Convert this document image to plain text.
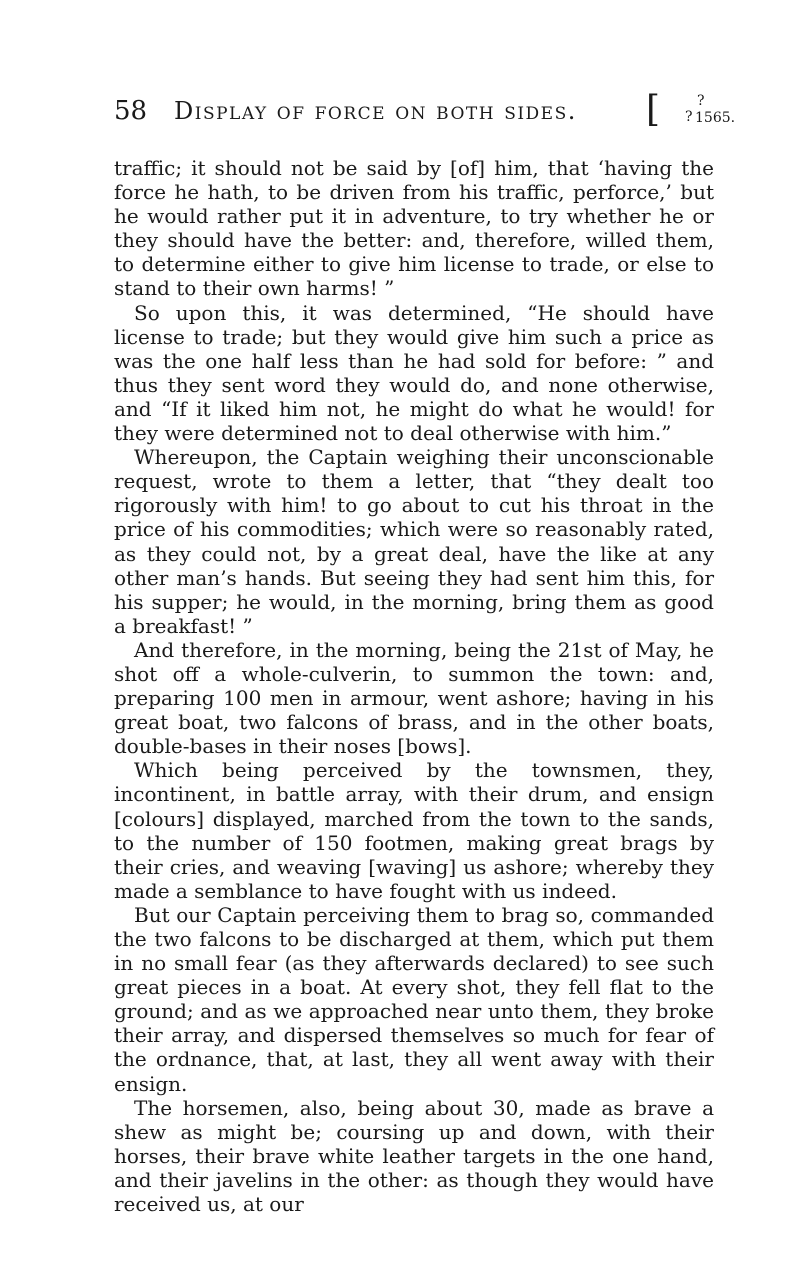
58 Display of force on both sides. [ ?
?
1565.

traffic; it should not be said by [of] him, that ‘having the force he hath, to be driven from his traffic, perforce,’ but he would rather put it in adventure, to try whether he or they should have the better: and, therefore, willed them, to determine either to give him license to trade, or else to stand to their own harms! ”

So upon this, it was determined, “He should have license to trade; but they would give him such a price as was the one half less than he had sold for before: ” and thus they sent word they would do, and none otherwise, and “If it liked him not, he might do what he would! for they were determined not to deal otherwise with him.”

Whereupon, the Captain weighing their unconscionable request, wrote to them a letter, that “they dealt too rigorously with him! to go about to cut his throat in the price of his commodities; which were so reasonably rated, as they could not, by a great deal, have the like at any other man’s hands. But seeing they had sent him this, for his supper; he would, in the morning, bring them as good a breakfast! ”

And therefore, in the morning, being the 21st of May, he shot off a whole-culverin, to summon the town: and, preparing 100 men in armour, went ashore; having in his great boat, two falcons of brass, and in the other boats, double-bases in their noses [bows].

Which being perceived by the townsmen, they, incontinent, in battle array, with their drum, and ensign [colours] displayed, marched from the town to the sands, to the number of 150 footmen, making great brags by their cries, and weaving [waving] us ashore; whereby they made a semblance to have fought with us indeed.

But our Captain perceiving them to brag so, commanded the two falcons to be discharged at them, which put them in no small fear (as they afterwards declared) to see such great pieces in a boat. At every shot, they fell flat to the ground; and as we approached near unto them, they broke their array, and dispersed themselves so much for fear of the ordnance, that, at last, they all went away with their ensign.

The horsemen, also, being about 30, made as brave a shew as might be; coursing up and down, with their horses, their brave white leather targets in the one hand, and their javelins in the other: as though they would have received us, at our
